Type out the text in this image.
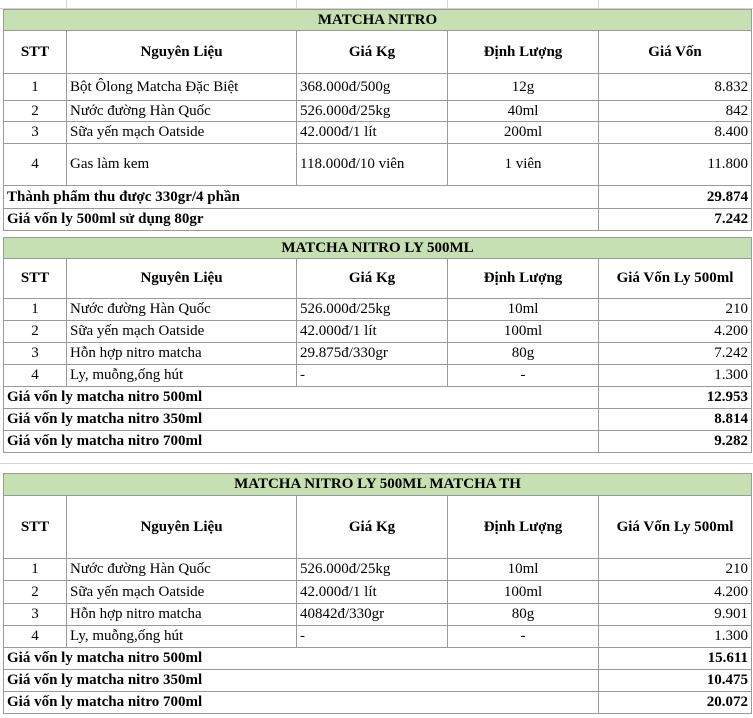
MATCHA NITRO				
STT	Nguyên Liệu	Giá Kg	Định Lượng	Giá Vốn
1	Bột Ôlong Matcha Đặc Biệt	368.000đ/500g	12g	8.832
2	Nước đường Hàn Quốc	526.000đ/25kg	40ml	842
3	Sữa yến mạch Oatside	42.000đ/1 lít	200ml	8.400
4	Gas làm kem	118.000đ/10 viên	1 viên	11.800
Thành phẩm thu được 330gr/4 phần				29.874
Giá vốn ly 500ml sử dụng 80gr				7.242
MATCHA NITRO LY 500ML				
STT	Nguyên Liệu	Giá Kg	Định Lượng	Giá Vốn Ly 500ml
1	Nước đường Hàn Quốc	526.000đ/25kg	10ml	210
2	Sữa yến mạch Oatside	42.000đ/1 lít	100ml	4.200
3	Hỗn hợp nitro matcha	29.875đ/330gr	80g	7.242
4	Ly, muỗng,ống hút	-	-	1.300
Giá vốn ly matcha nitro 500ml				12.953
Giá vốn ly matcha nitro 350ml				8.814
Giá vốn ly matcha nitro 700ml				9.282
MATCHA NITRO LY 500ML MATCHA TH				
STT	Nguyên Liệu	Giá Kg	Định Lượng	Giá Vốn Ly 500ml
1	Nước đường Hàn Quốc	526.000đ/25kg	10ml	210
2	Sữa yến mạch Oatside	42.000đ/1 lít	100ml	4.200
3	Hỗn hợp nitro matcha	40842đ/330gr	80g	9.901
4	Ly, muỗng,ống hút	-	-	1.300
Giá vốn ly matcha nitro 500ml				15.611
Giá vốn ly matcha nitro 350ml				10.475
Giá vốn ly matcha nitro 700ml				20.072
